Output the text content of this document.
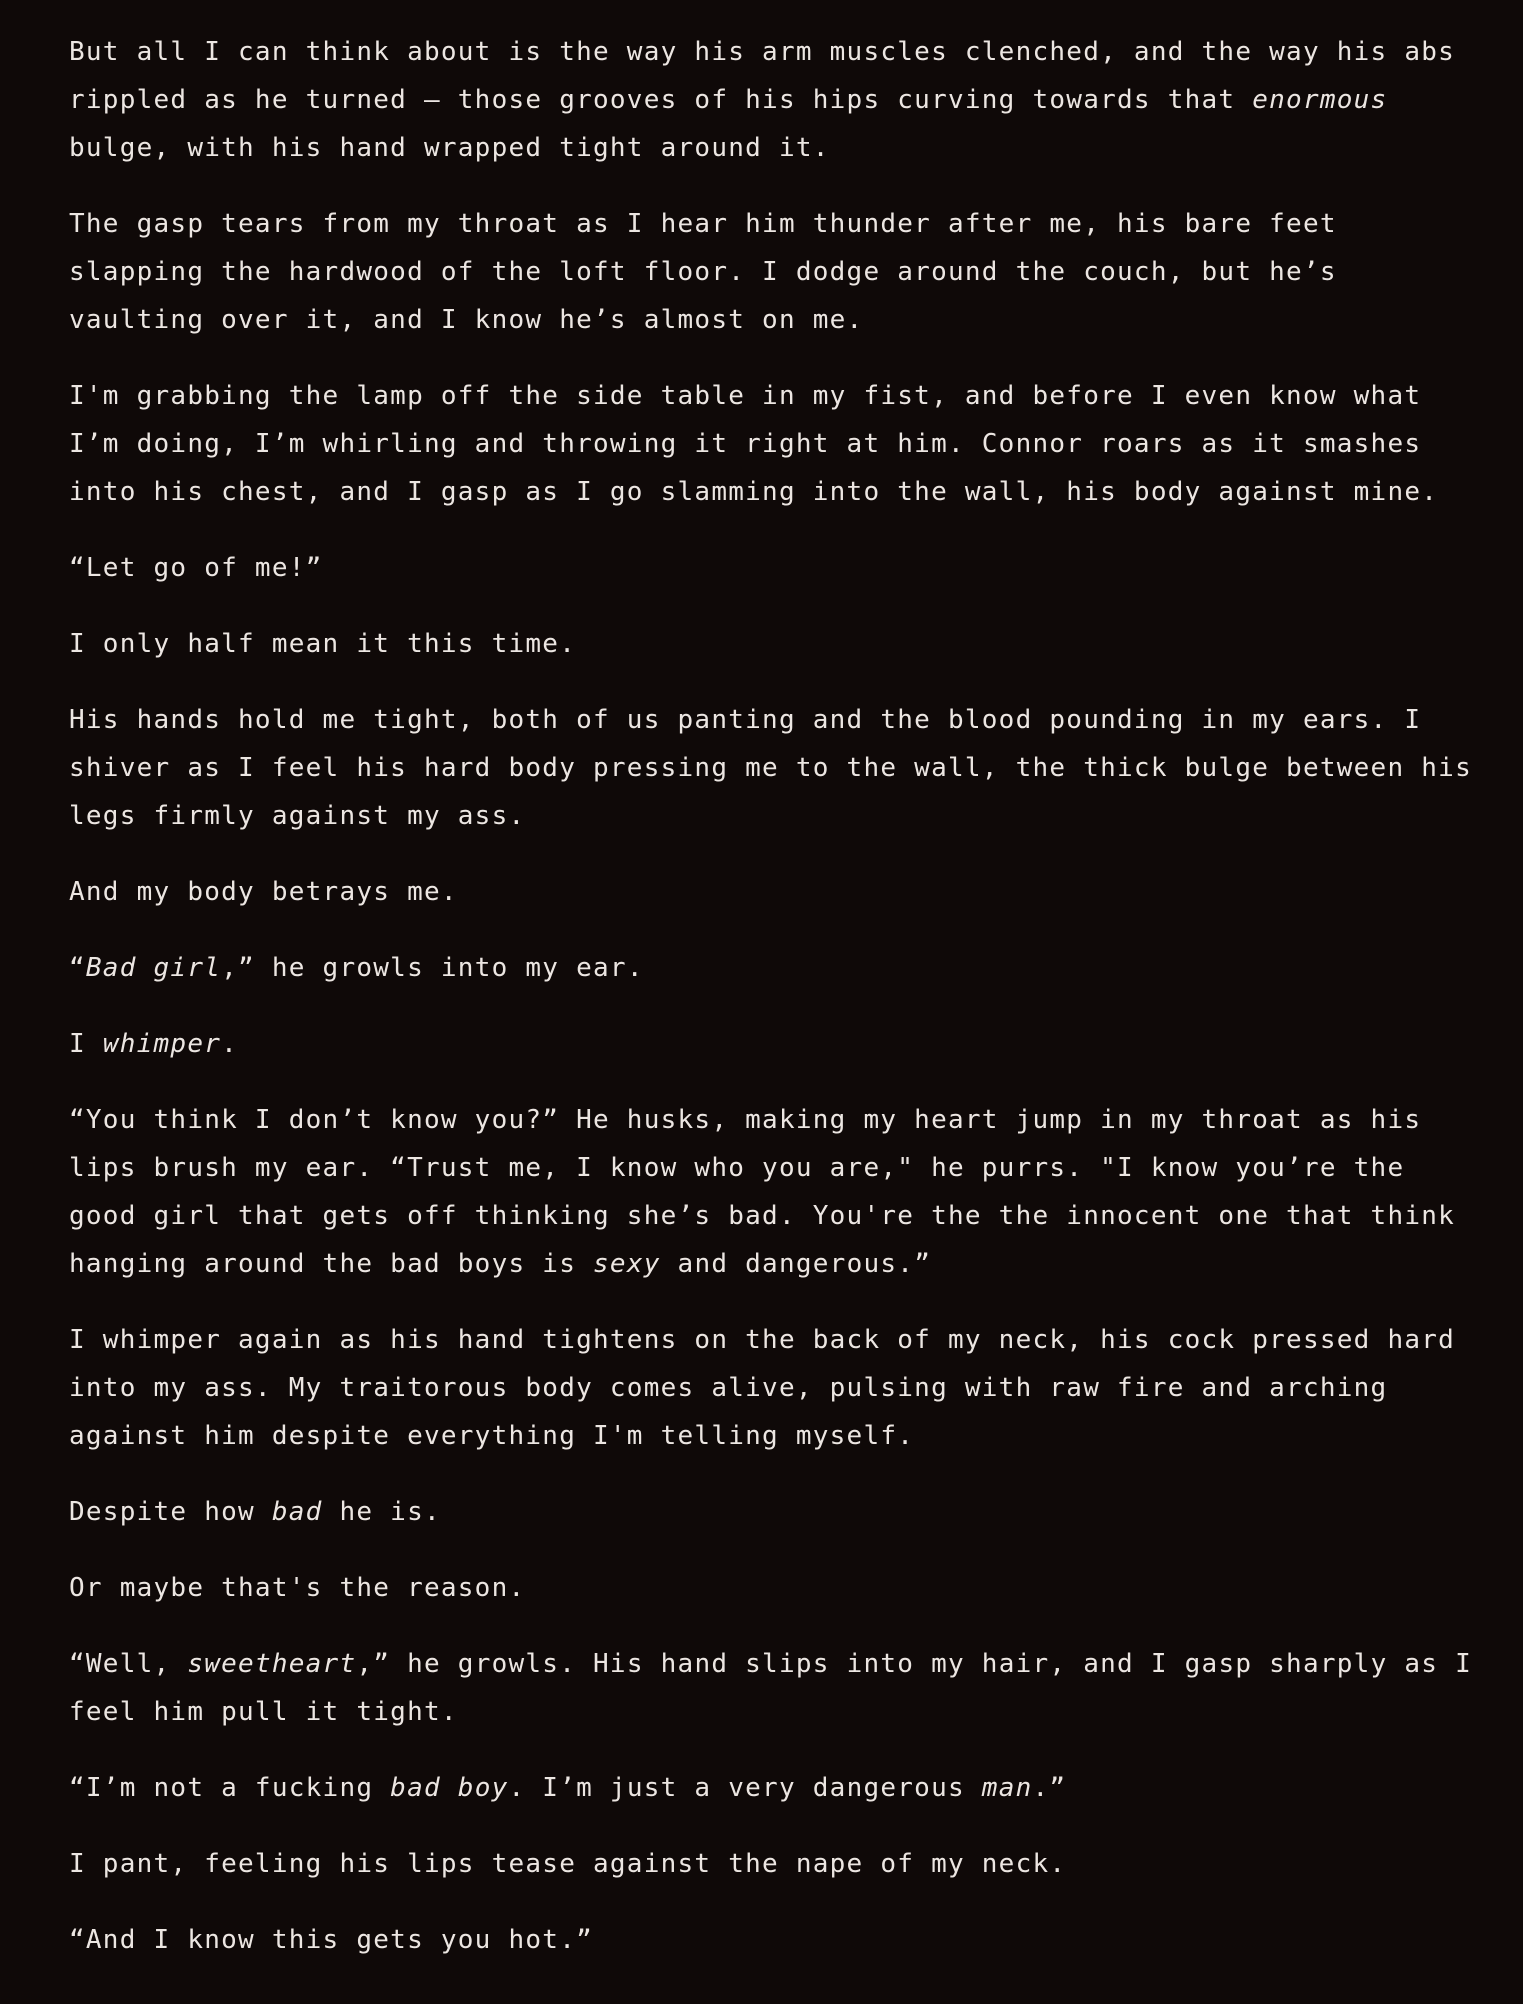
But all I can think about is the way his arm muscles clenched, and the way his abs rippled as he turned – those grooves of his hips curving towards that enormous bulge, with his hand wrapped tight around it.

The gasp tears from my throat as I hear him thunder after me, his bare feet slapping the hardwood of the loft floor. I dodge around the couch, but he’s vaulting over it, and I know he’s almost on me.

I'm grabbing the lamp off the side table in my fist, and before I even know what I’m doing, I’m whirling and throwing it right at him. Connor roars as it smashes into his chest, and I gasp as I go slamming into the wall, his body against mine.

“Let go of me!”

I only half mean it this time.

His hands hold me tight, both of us panting and the blood pounding in my ears. I shiver as I feel his hard body pressing me to the wall, the thick bulge between his legs firmly against my ass.

And my body betrays me.

“Bad girl,” he growls into my ear.

I whimper.

“You think I don’t know you?” He husks, making my heart jump in my throat as his lips brush my ear. “Trust me, I know who you are," he purrs. "I know you’re the good girl that gets off thinking she’s bad. You're the the innocent one that think hanging around the bad boys is sexy and dangerous.”

I whimper again as his hand tightens on the back of my neck, his cock pressed hard into my ass. My traitorous body comes alive, pulsing with raw fire and arching against him despite everything I'm telling myself.

Despite how bad he is.

Or maybe that's the reason.

“Well, sweetheart,” he growls. His hand slips into my hair, and I gasp sharply as I feel him pull it tight.

“I’m not a fucking bad boy. I’m just a very dangerous man.”

I pant, feeling his lips tease against the nape of my neck.

“And I know this gets you hot.”
